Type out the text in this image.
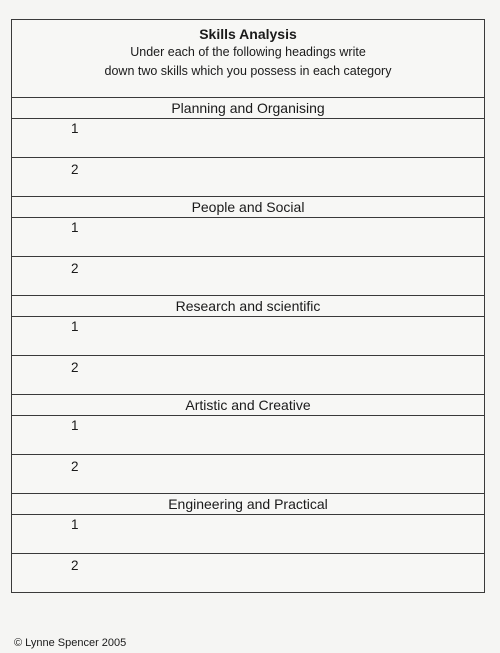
Skills Analysis
Under each of the following headings write
down two skills which you possess in each category
Planning and Organising
1
2
People and Social
1
2
Research and scientific
1
2
Artistic and Creative
1
2
Engineering and Practical
1
2
© Lynne Spencer 2005
